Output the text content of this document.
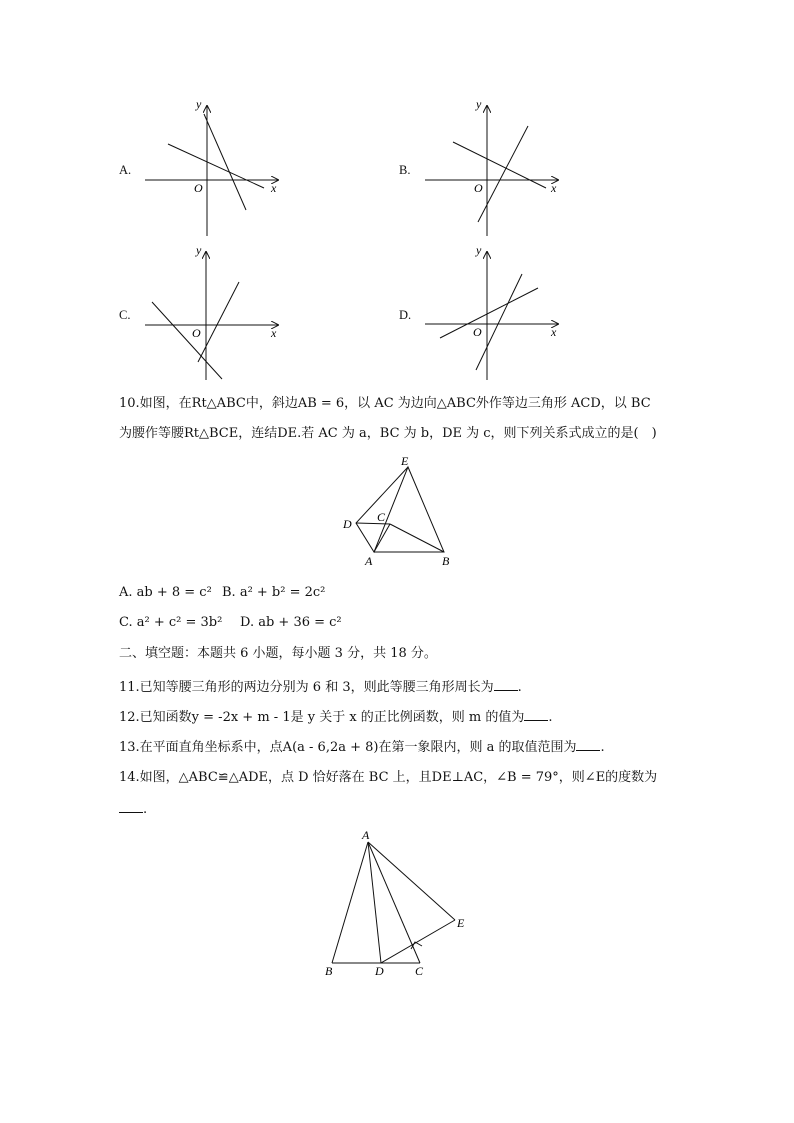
A.
y
x
O
B.
y
x
O
C.
y
x
O
D.
y
x
O
10.如图，在Rt△ABC中，斜边AB = 6，以 AC 为边向△ABC外作等边三角形 ACD，以 BC
为腰作等腰Rt△BCE，连结DE.若 AC 为 a，BC 为 b，DE 为 c，则下列关系式成立的是(　)
E
C
D
A	B
A. ab + 8 = c² B. a² + b² = 2c²
C. a² + c² = 3b² D. ab + 36 = c²
二、填空题：本题共 6 小题，每小题 3 分，共 18 分。
11.已知等腰三角形的两边分别为 6 和 3，则此等腰三角形周长为 .
12.已知函数y = -2x + m - 1是 y 关于 x 的正比例函数，则 m 的值为 .
13.在平面直角坐标系中，点A(a - 6,2a + 8)在第一象限内，则 a 的取值范围为 .
14.如图，△ABC≌△ADE，点 D 恰好落在 BC 上，且DE⊥AC，∠B = 79°，则∠E的度数为
.
A
B	D	C
E
